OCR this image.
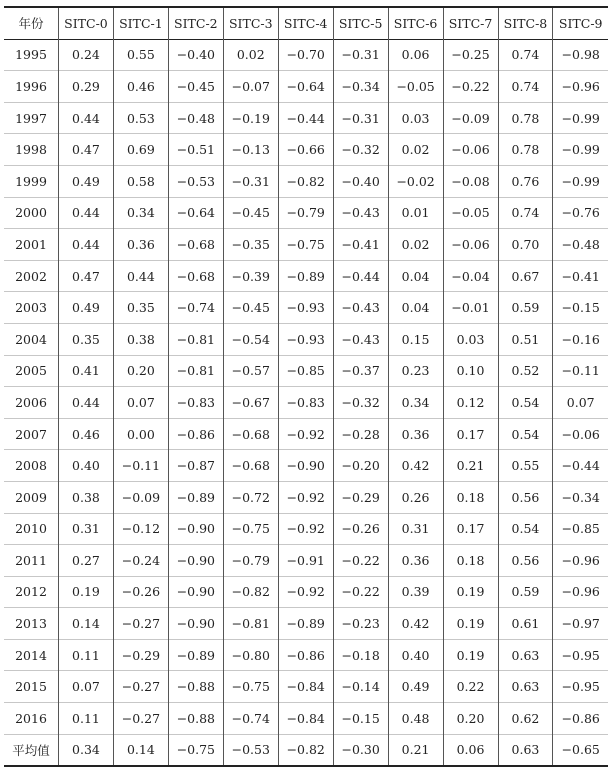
年份	SITC-0	SITC-1	SITC-2	SITC-3	SITC-4	SITC-5	SITC-6	SITC-7	SITC-8	SITC-9
1995	0.24	0.55	−0.40	0.02	−0.70	−0.31	0.06	−0.25	0.74	−0.98
1996	0.29	0.46	−0.45	−0.07	−0.64	−0.34	−0.05	−0.22	0.74	−0.96
1997	0.44	0.53	−0.48	−0.19	−0.44	−0.31	0.03	−0.09	0.78	−0.99
1998	0.47	0.69	−0.51	−0.13	−0.66	−0.32	0.02	−0.06	0.78	−0.99
1999	0.49	0.58	−0.53	−0.31	−0.82	−0.40	−0.02	−0.08	0.76	−0.99
2000	0.44	0.34	−0.64	−0.45	−0.79	−0.43	0.01	−0.05	0.74	−0.76
2001	0.44	0.36	−0.68	−0.35	−0.75	−0.41	0.02	−0.06	0.70	−0.48
2002	0.47	0.44	−0.68	−0.39	−0.89	−0.44	0.04	−0.04	0.67	−0.41
2003	0.49	0.35	−0.74	−0.45	−0.93	−0.43	0.04	−0.01	0.59	−0.15
2004	0.35	0.38	−0.81	−0.54	−0.93	−0.43	0.15	0.03	0.51	−0.16
2005	0.41	0.20	−0.81	−0.57	−0.85	−0.37	0.23	0.10	0.52	−0.11
2006	0.44	0.07	−0.83	−0.67	−0.83	−0.32	0.34	0.12	0.54	0.07
2007	0.46	0.00	−0.86	−0.68	−0.92	−0.28	0.36	0.17	0.54	−0.06
2008	0.40	−0.11	−0.87	−0.68	−0.90	−0.20	0.42	0.21	0.55	−0.44
2009	0.38	−0.09	−0.89	−0.72	−0.92	−0.29	0.26	0.18	0.56	−0.34
2010	0.31	−0.12	−0.90	−0.75	−0.92	−0.26	0.31	0.17	0.54	−0.85
2011	0.27	−0.24	−0.90	−0.79	−0.91	−0.22	0.36	0.18	0.56	−0.96
2012	0.19	−0.26	−0.90	−0.82	−0.92	−0.22	0.39	0.19	0.59	−0.96
2013	0.14	−0.27	−0.90	−0.81	−0.89	−0.23	0.42	0.19	0.61	−0.97
2014	0.11	−0.29	−0.89	−0.80	−0.86	−0.18	0.40	0.19	0.63	−0.95
2015	0.07	−0.27	−0.88	−0.75	−0.84	−0.14	0.49	0.22	0.63	−0.95
2016	0.11	−0.27	−0.88	−0.74	−0.84	−0.15	0.48	0.20	0.62	−0.86
平均值	0.34	0.14	−0.75	−0.53	−0.82	−0.30	0.21	0.06	0.63	−0.65
